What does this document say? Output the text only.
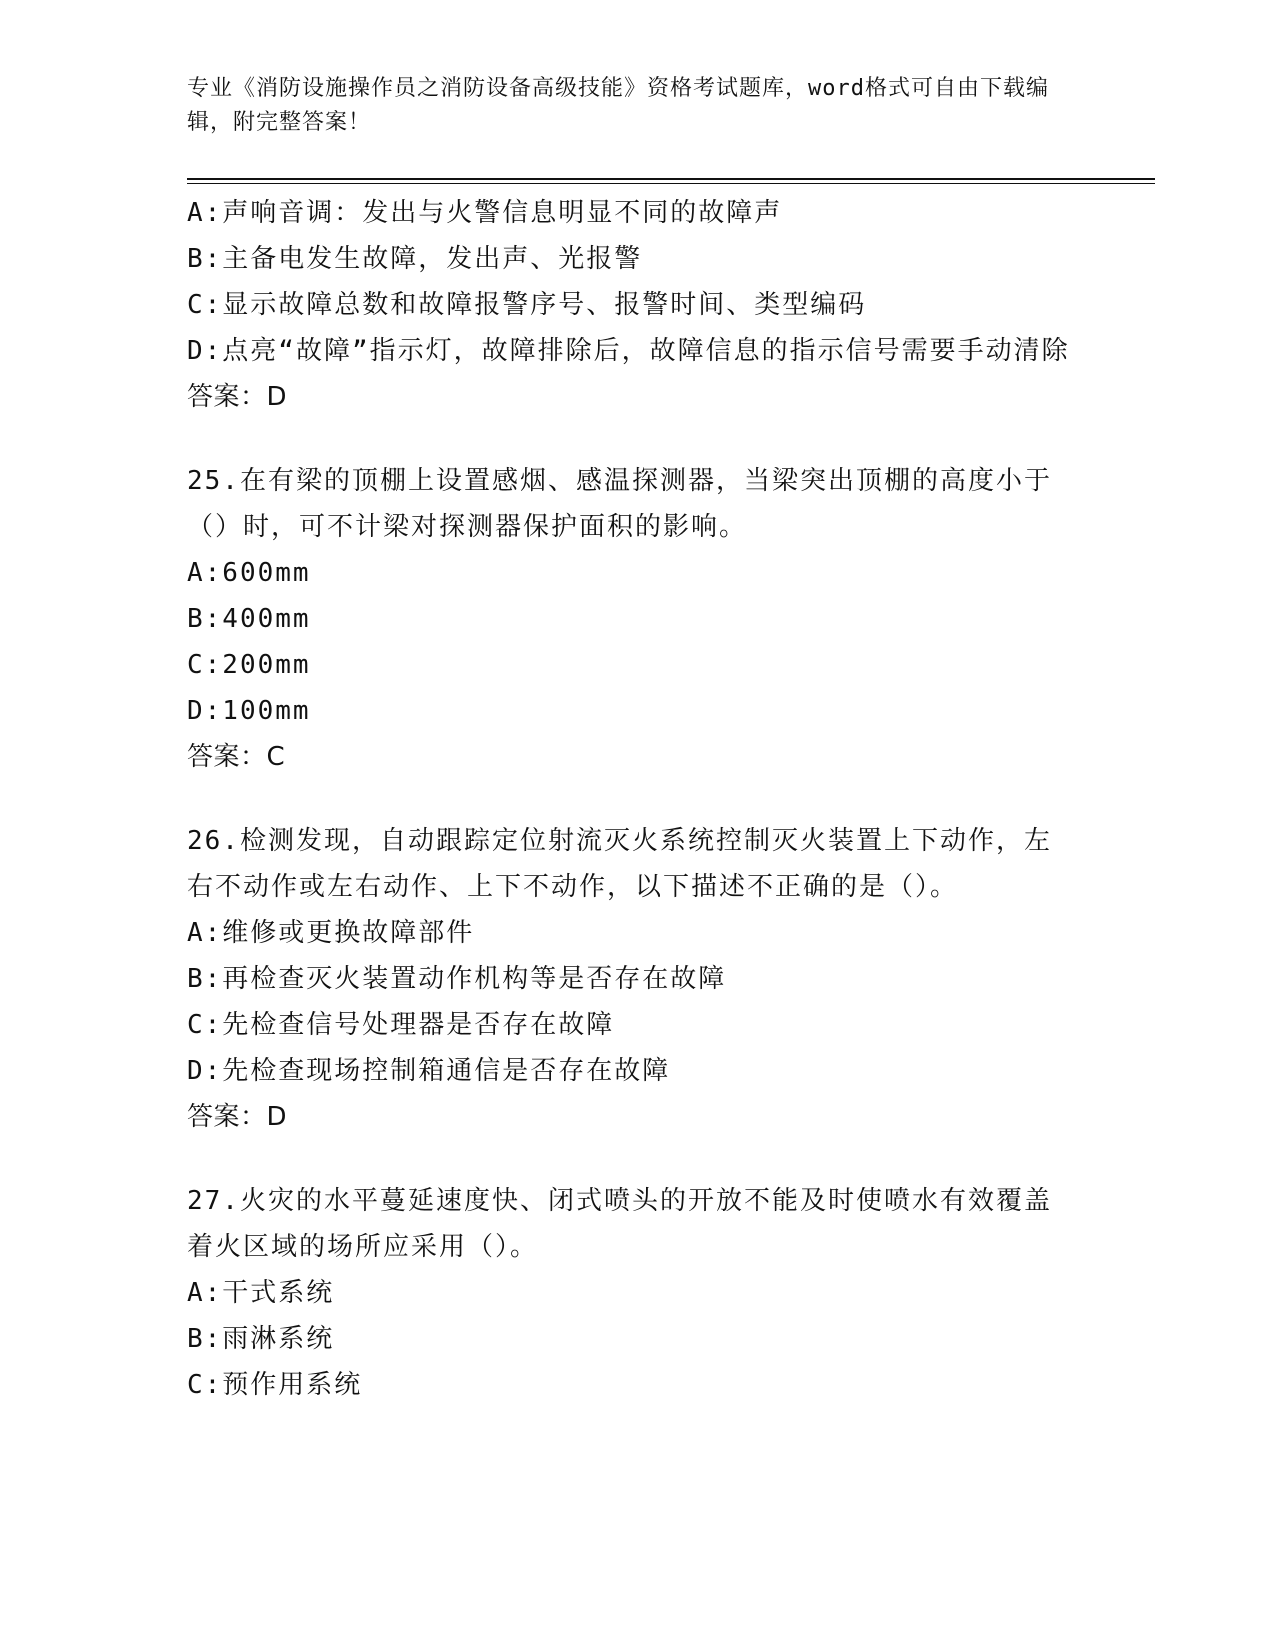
专业《消防设施操作员之消防设备高级技能》资格考试题库，word格式可自由下载编辑，附完整答案！
A:声响音调：发出与火警信息明显不同的故障声
B:主备电发生故障，发出声、光报警
C:显示故障总数和故障报警序号、报警时间、类型编码
D:点亮“故障”指示灯，故障排除后，故障信息的指示信号需要手动清除
答案：D
25.在有梁的顶棚上设置感烟、感温探测器，当梁突出顶棚的高度小于（）时，可不计梁对探测器保护面积的影响。
A:600mm
B:400mm
C:200mm
D:100mm
答案：C
26.检测发现，自动跟踪定位射流灭火系统控制灭火装置上下动作，左右不动作或左右动作、上下不动作，以下描述不正确的是（）。
A:维修或更换故障部件
B:再检查灭火装置动作机构等是否存在故障
C:先检查信号处理器是否存在故障
D:先检查现场控制箱通信是否存在故障
答案：D
27.火灾的水平蔓延速度快、闭式喷头的开放不能及时使喷水有效覆盖着火区域的场所应采用（）。
A:干式系统
B:雨淋系统
C:预作用系统
